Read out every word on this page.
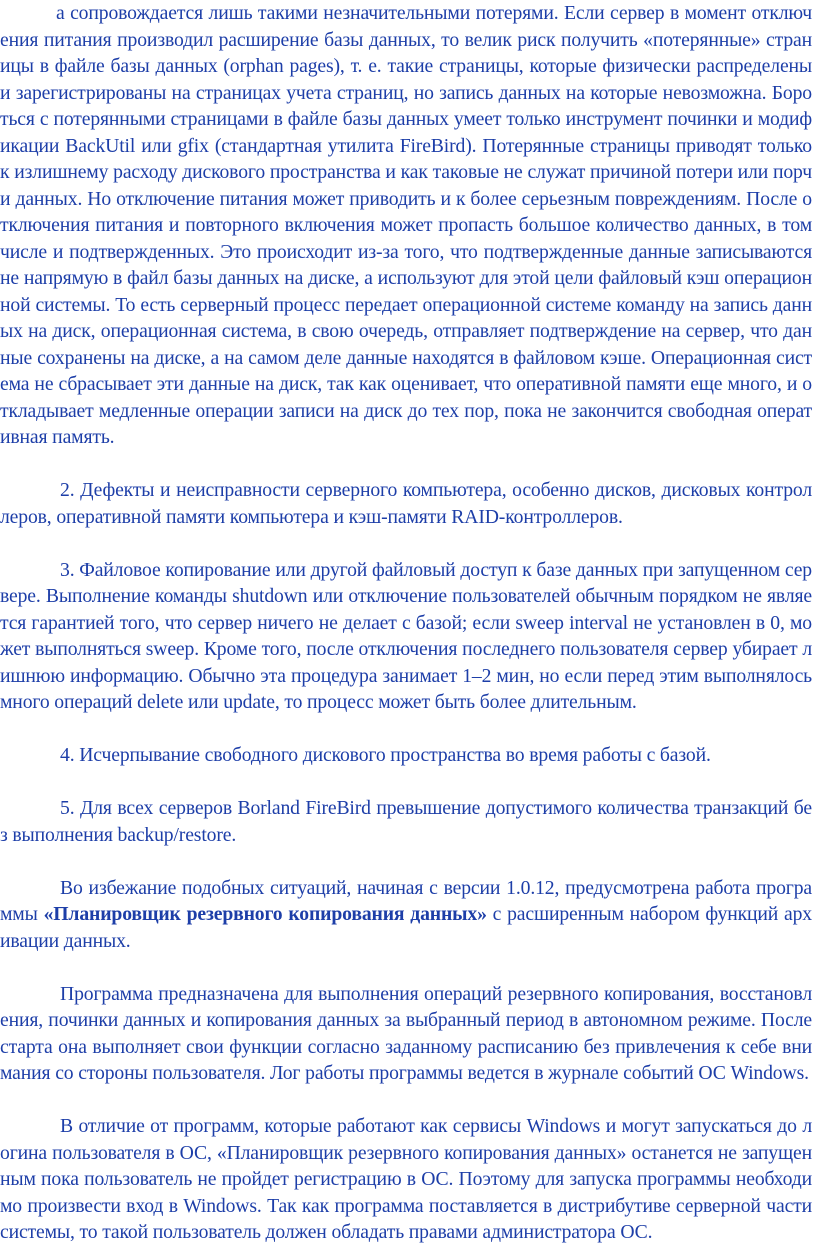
а сопровождается лишь такими незначительными потерями. Если сервер в момент отключения питания производил расширение базы данных, то велик риск получить «потерянные» страницы в файле базы данных (orphan pages), т. е. такие страницы, которые физически распределены и зарегистрированы на страницах учета страниц, но запись данных на которые невозможна. Бороться с потерянными страницами в файле базы данных умеет только инструмент починки и модификации BackUtil или gfix (стандартная утилита FireBird). Потерянные страницы приводят только к излишнему расходу дискового пространства и как таковые не служат причиной потери или порчи данных. Но отключение питания может приводить и к более серьезным повреждениям. После отключения питания и повторного включения может пропасть большое количество данных, в том числе и подтвержденных. Это происходит из-за того, что подтвержденные данные записываются не напрямую в файл базы данных на диске, а используют для этой цели файловый кэш операционной системы. То есть серверный процесс передает операционной системе команду на запись данных на диск, операционная система, в свою очередь, отправляет подтверждение на сервер, что данные сохранены на диске, а на самом деле данные находятся в файловом кэше. Операционная система не сбрасывает эти данные на диск, так как оценивает, что оперативной памяти еще много, и откладывает медленные операции записи на диск до тех пор, пока не закончится свободная оперативная память.

2. Дефекты и неисправности серверного компьютера, особенно дисков, дисковых контроллеров, оперативной памяти компьютера и кэш-памяти RAID-контроллеров.

3. Файловое копирование или другой файловый доступ к базе данных при запущенном сервере. Выполнение команды shutdown или отключение пользователей обычным порядком не является гарантией того, что сервер ничего не делает с базой; если sweep interval не установлен в 0, может выполняться sweep. Кроме того, после отключения последнего пользователя сервер убирает лишнюю информацию. Обычно эта процедура занимает 1–2 мин, но если перед этим выполнялось много операций delete или update, то процесс может быть более длительным.

4. Исчерпывание свободного дискового пространства во время работы с базой.

5. Для всех серверов Borland FireBird превышение допустимого количества транзакций без выполнения backup/restore.

Во избежание подобных ситуаций, начиная с версии 1.0.12, предусмотрена работа программы «Планировщик резервного копирования данных» с расширенным набором функций архивации данных.

Программа предназначена для выполнения операций резервного копирования, восстановления, починки данных и копирования данных за выбранный период в автономном режиме. После старта она выполняет свои функции согласно заданному расписанию без привлечения к себе внимания со стороны пользователя. Лог работы программы ведется в журнале событий ОС Windows.

В отличие от программ, которые работают как сервисы Windows и могут запускаться до логина пользователя в ОС, «Планировщик резервного копирования данных» останется не запущенным пока пользователь не пройдет регистрацию в ОС. Поэтому для запуска программы необходимо произвести вход в Windows. Так как программа поставляется в дистрибутиве серверной части системы, то такой пользователь должен обладать правами администратора ОС.
